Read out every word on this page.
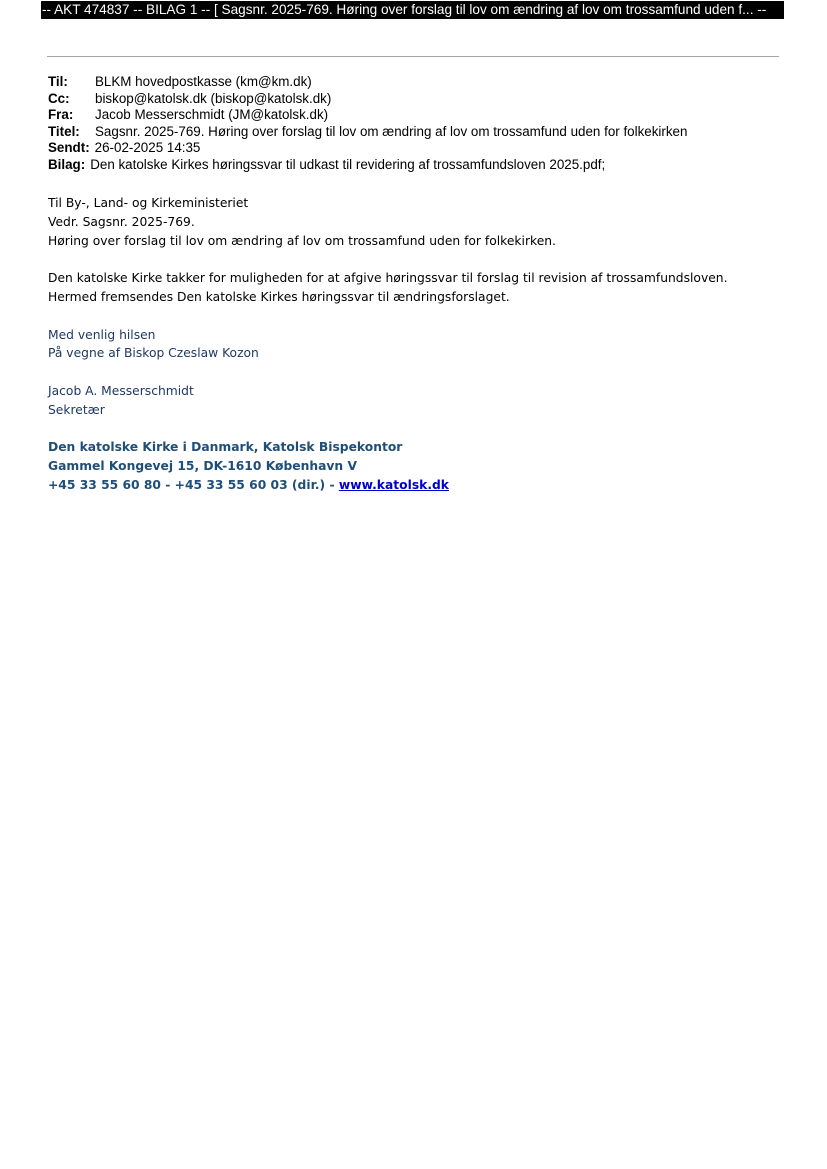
-- AKT 474837 -- BILAG 1 -- [ Sagsnr. 2025-769. Høring over forslag til lov om ændring af lov om trossamfund uden f... --
Til:	BLKM hovedpostkasse (km@km.dk)
Cc:	biskop@katolsk.dk (biskop@katolsk.dk)
Fra:	Jacob Messerschmidt (JM@katolsk.dk)
Titel:	Sagsnr. 2025-769. Høring over forslag til lov om ændring af lov om trossamfund uden for folkekirken
Sendt: 26-02-2025 14:35
Bilag: Den katolske Kirkes høringssvar til udkast til revidering af trossamfundsloven 2025.pdf;
Til By-, Land- og Kirkeministeriet
Vedr. Sagsnr. 2025-769.
Høring over forslag til lov om ændring af lov om trossamfund uden for folkekirken.
Den katolske Kirke takker for muligheden for at afgive høringssvar til forslag til revision af trossamfundsloven.
Hermed fremsendes Den katolske Kirkes høringssvar til ændringsforslaget.
Med venlig hilsen
På vegne af Biskop Czeslaw Kozon
Jacob A. Messerschmidt
Sekretær
Den katolske Kirke i Danmark, Katolsk Bispekontor
Gammel Kongevej 15, DK-1610 København V
+45 33 55 60 80 - +45 33 55 60 03 (dir.) - www.katolsk.dk
